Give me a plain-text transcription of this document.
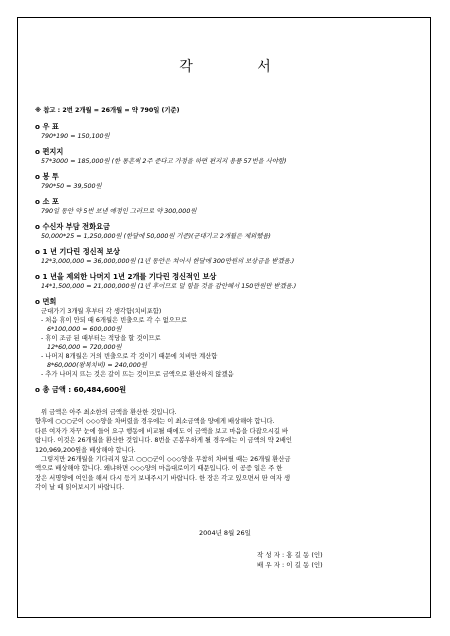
각 서
※ 참고 : 2번 2개월 = 26개월 = 약 790일 (기준)
o 우 표
790*190 = 150,100원
o 편지지
57*3000 = 185,000원 (한 통흔씩 2주 준다고 가정을 하면 편지지 용품 57번을 사야함)
o 봉 투
790*50 = 39,500원
o 소 포
790일 동안 약 5번 보낸 예정인 그러므로 약 300,000원
o 수신자 부담 전화요금
50,000*25 = 1,250,000원 (한달에 50,000원 기준)(군대기고 2개월은 제외했음)
o 1 년 기다린 정신적 보상
12*3,000,000 = 36,000,000원 (1년 동안은 쳐어서 한달에 300만원의 보상금을 받겠음.)
o 1 년을 제외한 나머지 1년 2개를 기다린 정신적인 보상
14*1,500,000 = 21,000,000원 (1년 후이므로 덜 힘들 것을 감안해서 150만원만 받겠음.)
o 면회
군대가기 3개월 후부터 각 생각함(치비포함)
- 처음 휴이 안되 때 6개월은 빈출으로 각 수 없으므로
6*100,000 = 600,000원
- 휴이 조금 된 때부터는 적당을 할 것이므로
12*60,000 = 720,000원
- 나머지 8개월은 거의 빈출으로 각 것이기 때문에 치비만 계산함
8*60,000(왕복치비) = 240,000원
- 추가 나머지 뜨는 것은 갈이 뜨는 것이므로 금액으로 환산하지 않겠음
o 총 금액 : 60,484,600원
위 금액은 아주 최소한의 금액을 환산한 것입니다.
향후에 ○○○군이 ◇◇◇양을 차버렸을 경우에는 이 최소금액을 양에게 배상해야 합니다.
다른 여자가 자꾸 눈에 들어 요구 행동에 비교될 때에도 이 금액을 보고 마음을 다잡으시길 바
랍니다. 이것은 26개월을 환산한 것입니다. 8번을 곤봉우하게 될 경우에는 이 금액의 약 2배인
120,969,200원을 배상해야 합니다.
그렇지만 26개월을 기다리지 않고 ○○○군이 ◇◇◇양을 무참히 차버릴 때는 26개월 환산금
액으로 배상해야 합니다. 왜냐하면 ◇◇◇양의 마음대로이기 때문입니다. 이 공증 일은 주 한
장은 서명양에 여인을 해서 다시 등거 보내주시기 바랍니다. 한 장은 각고 있으면서 딴 여자 생
각이 날 때 읽어보시기 바랍니다.
2004년 8월 26일
작 성 자 : 홍 길 동 (인)
배 우 자 : 이 길 동 (인)
